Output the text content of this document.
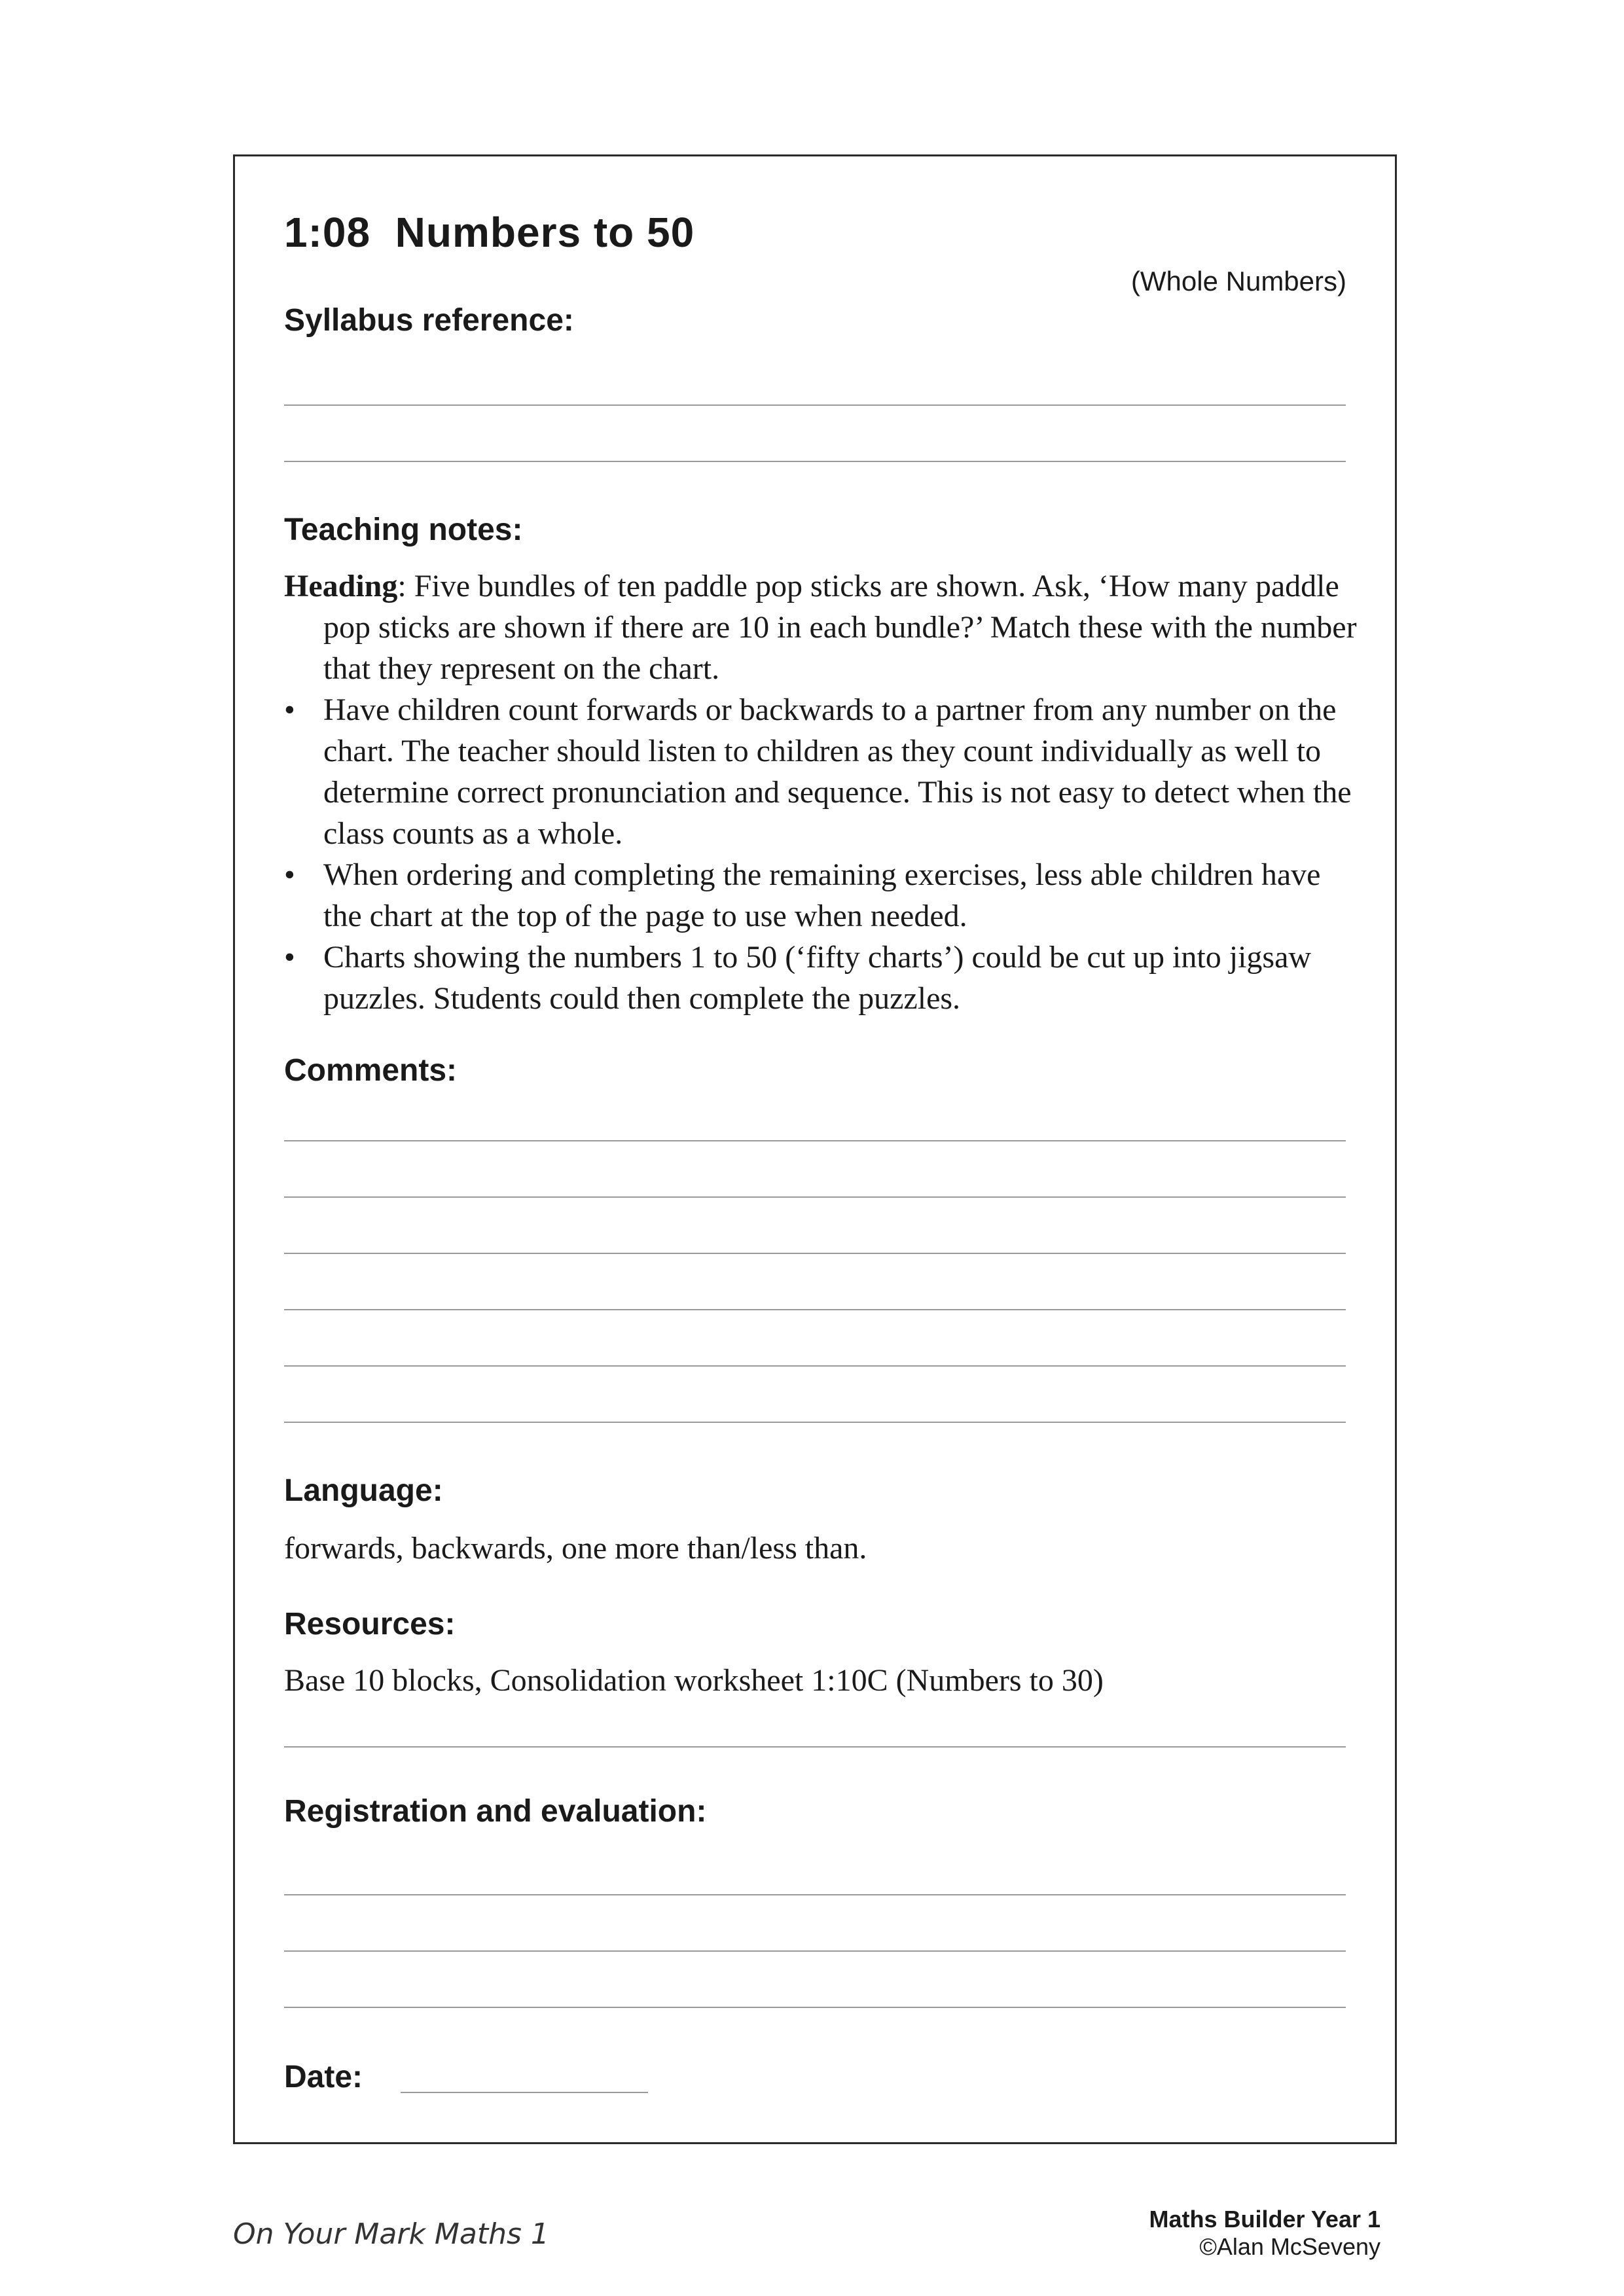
1:08  Numbers to 50
(Whole Numbers)
Syllabus reference:
Teaching notes:

Heading: Five bundles of ten paddle pop sticks are shown. Ask, ‘How many paddle pop sticks are shown if there are 10 in each bundle?’ Match these with the number that they represent on the chart.

• Have children count forwards or backwards to a partner from any number on the chart. The teacher should listen to children as they count individually as well to determine correct pronunciation and sequence. This is not easy to detect when the class counts as a whole.

• When ordering and completing the remaining exercises, less able children have the chart at the top of the page to use when needed.

• Charts showing the numbers 1 to 50 (‘fifty charts’) could be cut up into jigsaw puzzles. Students could then complete the puzzles.

Comments:
Language:
forwards, backwards, one more than/less than.
Resources:
Base 10 blocks, Consolidation worksheet 1:10C (Numbers to 30)
Registration and evaluation:
Date:
On Your Mark Maths 1	Maths Builder Year 1
©Alan McSeveny
